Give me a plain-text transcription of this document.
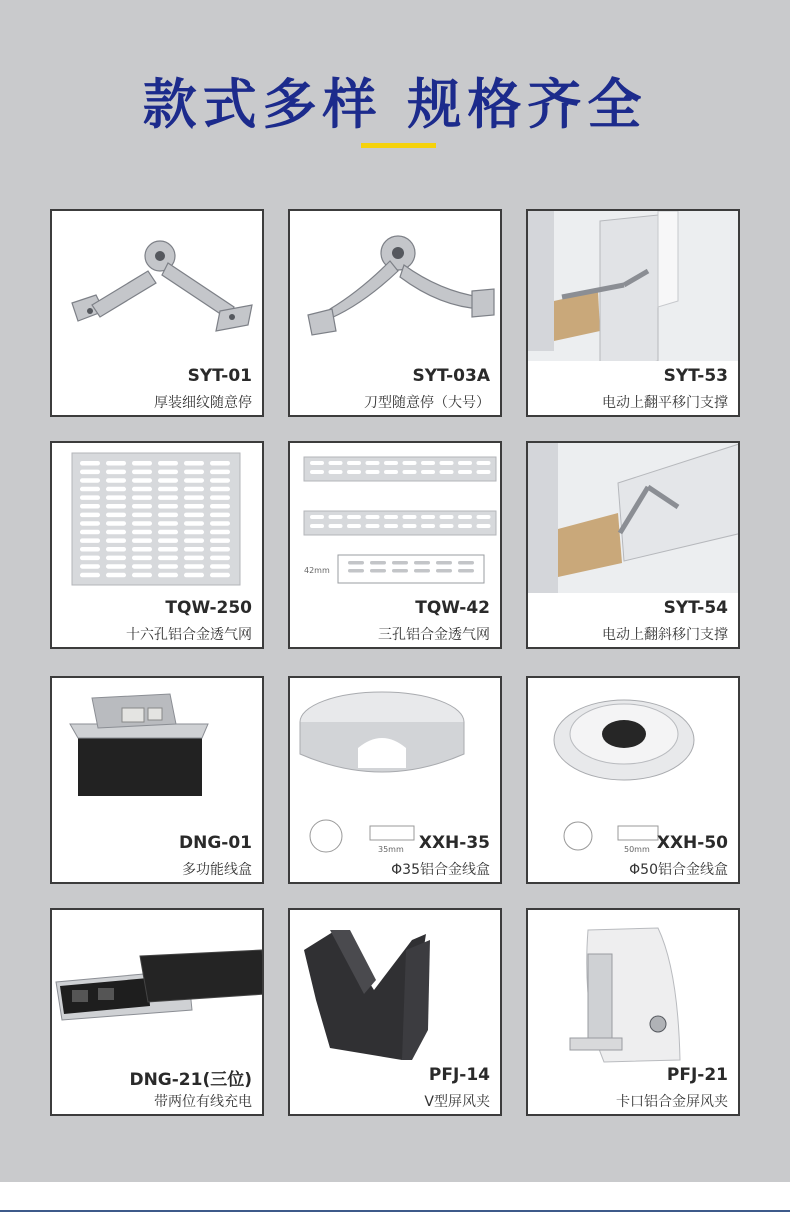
款式多样 规格齐全
SYT-01
厚装细纹随意停
SYT-03A
刀型随意停（大号）
SYT-53
电动上翻平移门支撑
TQW-250
十六孔铝合金透气网
42mm
TQW-42
三孔铝合金透气网
SYT-54
电动上翻斜移门支撑
DNG-01
多功能线盒
35mm XXH-35
Φ35铝合金线盒
50mm XXH-50
Φ50铝合金线盒
DNG-21(三位)
带两位有线充电
PFJ-14
V型屏风夹
PFJ-21
卡口铝合金屏风夹
